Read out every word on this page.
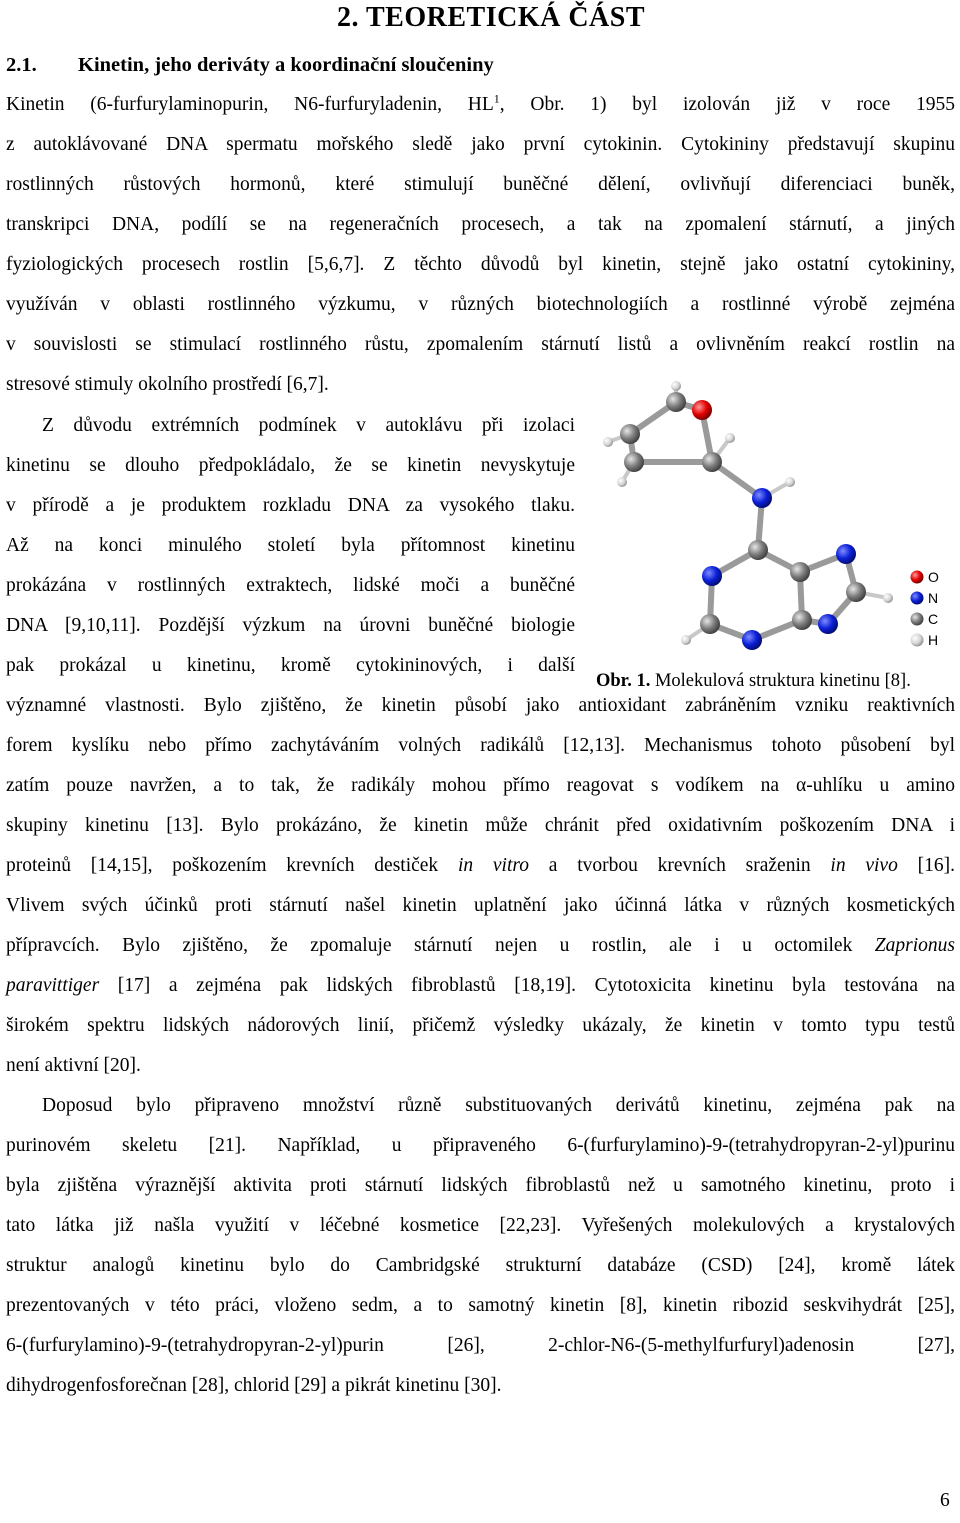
2. TEORETICKÁ ČÁST
2.1. Kinetin, jeho deriváty a koordinační sloučeniny
Kinetin (6-furfurylaminopurin, N6-furfuryladenin, $HL^1$, Obr. 1) byl izolován již v roce 1955
z autoklávované DNA spermatu mořského sledě jako první cytokinin. Cytokininy představují skupinu
rostlinných růstových hormonů, které stimulují buněčné dělení, ovlivňují diferenciaci buněk,
transkripci DNA, podílí se na regeneračních procesech, a tak na zpomalení stárnutí, a jiných
fyziologických procesech rostlin [5,6,7]. Z těchto důvodů byl kinetin, stejně jako ostatní cytokininy,
využíván v oblasti rostlinného výzkumu, v různých biotechnologiích a rostlinné výrobě zejména
v souvislosti se stimulací rostlinného růstu, zpomalením stárnutí listů a ovlivněním reakcí rostlin na
stresové stimuly okolního prostředí [6,7].
Z důvodu extrémních podmínek v autoklávu při izolaci
kinetinu se dlouho předpokládalo, že se kinetin nevyskytuje
v přírodě a je produktem rozkladu DNA za vysokého tlaku.
Až na konci minulého století byla přítomnost kinetinu
prokázána v rostlinných extraktech, lidské moči a buněčné
DNA [9,10,11]. Pozdější výzkum na úrovni buněčné biologie
pak prokázal u kinetinu, kromě cytokininových, i další
významné vlastnosti. Bylo zjištěno, že kinetin působí jako antioxidant zabráněním vzniku reaktivních
forem kyslíku nebo přímo zachytáváním volných radikálů [12,13]. Mechanismus tohoto působení byl
zatím pouze navržen, a to tak, že radikály mohou přímo reagovat s vodíkem na α-uhlíku u amino
skupiny kinetinu [13]. Bylo prokázáno, že kinetin může chránit před oxidativním poškozením DNA i
proteinů [14,15], poškozením krevních destiček in vitro a tvorbou krevních sraženin in vivo [16].
Vlivem svých účinků proti stárnutí našel kinetin uplatnění jako účinná látka v různých kosmetických
přípravcích. Bylo zjištěno, že zpomaluje stárnutí nejen u rostlin, ale i u octomilek Zaprionus
paravittiger [17] a zejména pak lidských fibroblastů [18,19]. Cytotoxicita kinetinu byla testována na
širokém spektru lidských nádorových linií, přičemž výsledky ukázaly, že kinetin v tomto typu testů
není aktivní [20].
Doposud bylo připraveno množství různě substituovaných derivátů kinetinu, zejména pak na
purinovém skeletu [21]. Například, u připraveného 6-(furfurylamino)-9-(tetrahydropyran-2-yl)purinu
byla zjištěna výraznější aktivita proti stárnutí lidských fibroblastů než u samotného kinetinu, proto i
tato látka již našla využití v léčebné kosmetice [22,23]. Vyřešených molekulových a krystalových
struktur analogů kinetinu bylo do Cambridgské strukturní databáze (CSD) [24], kromě látek
prezentovaných v této práci, vloženo sedm, a to samotný kinetin [8], kinetin ribozid seskvihydrát [25],
6-(furfurylamino)-9-(tetrahydropyran-2-yl)purin [26], 2-chlor-N6-(5-methylfurfuryl)adenosin [27],
dihydrogenfosforečnan [28], chlorid [29] a pikrát kinetinu [30].
O
N
C
H
Obr. 1. Molekulová struktura kinetinu [8].
6
